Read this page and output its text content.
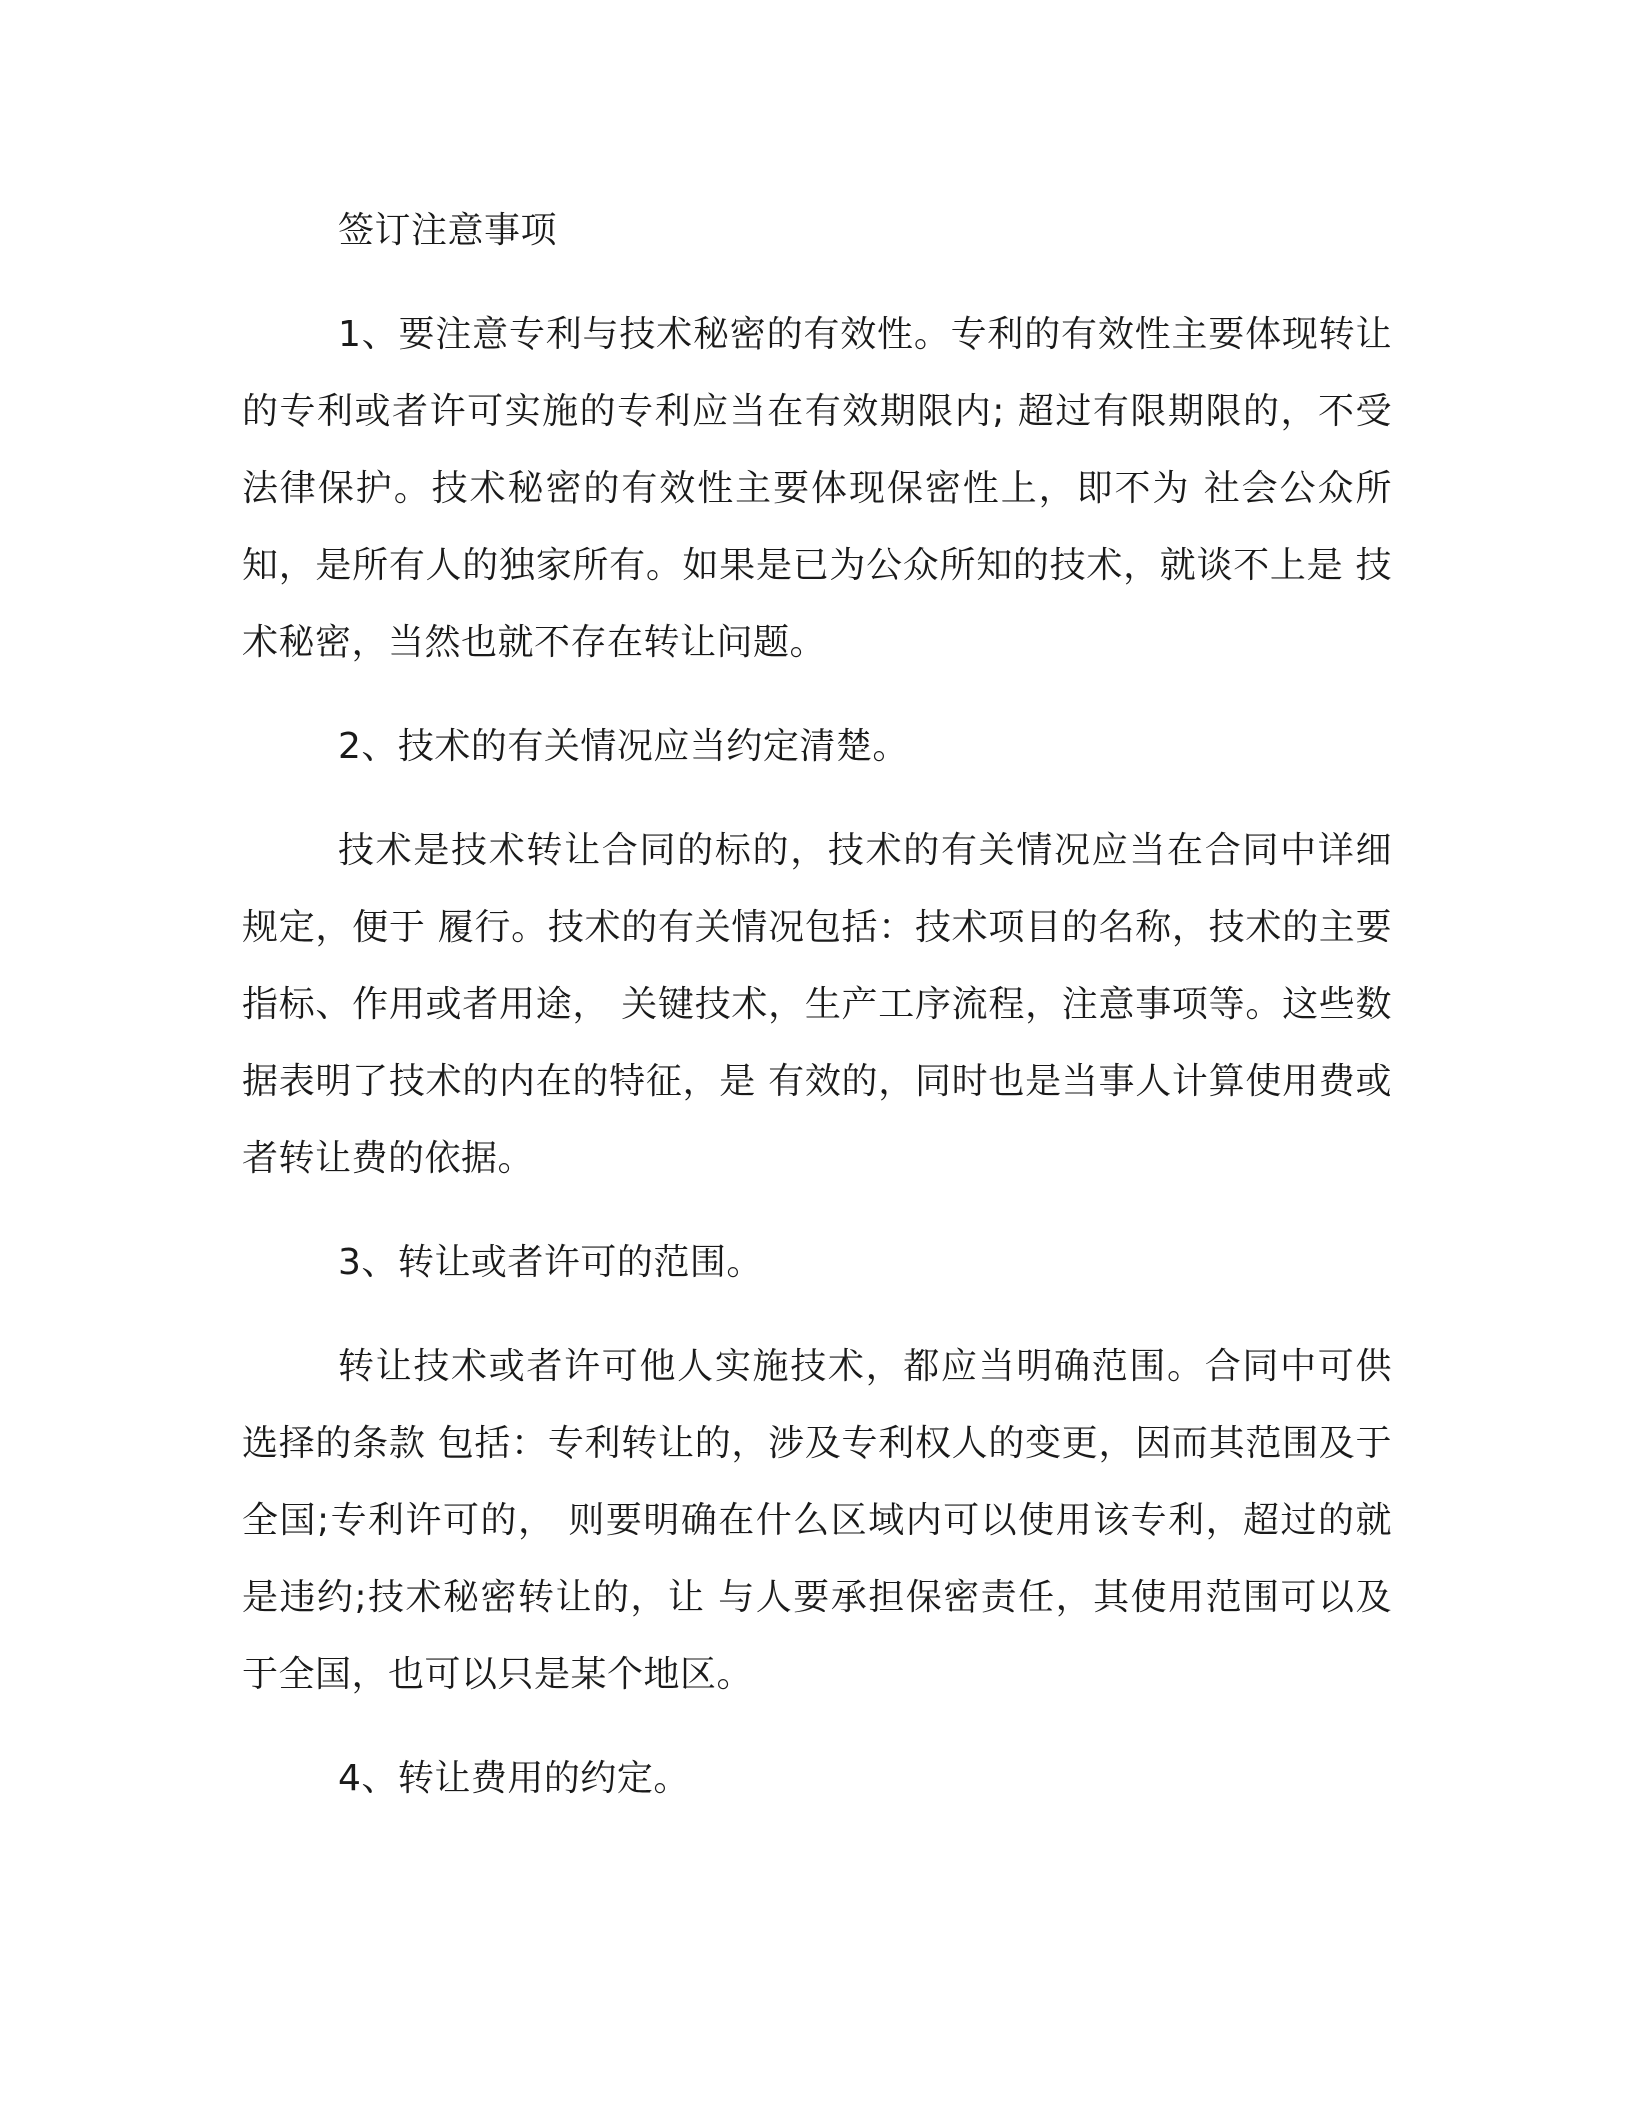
签订注意事项

1、要注意专利与技术秘密的有效性。专利的有效性主要体现转让的专利或者许可实施的专利应当在有效期限内; 超过有限期限的，不受法律保护。技术秘密的有效性主要体现保密性上，即不为 社会公众所知，是所有人的独家所有。如果是已为公众所知的技术，就谈不上是 技术秘密，当然也就不存在转让问题。

2、技术的有关情况应当约定清楚。

技术是技术转让合同的标的，技术的有关情况应当在合同中详细规定，便于 履行。技术的有关情况包括：技术项目的名称，技术的主要指标、作用或者用途， 关键技术，生产工序流程，注意事项等。这些数据表明了技术的内在的特征，是 有效的，同时也是当事人计算使用费或者转让费的依据。

3、转让或者许可的范围。

转让技术或者许可他人实施技术，都应当明确范围。合同中可供选择的条款 包括：专利转让的，涉及专利权人的变更，因而其范围及于全国;专利许可的， 则要明确在什么区域内可以使用该专利，超过的就是违约;技术秘密转让的，让 与人要承担保密责任，其使用范围可以及于全国，也可以只是某个地区。

4、转让费用的约定。
